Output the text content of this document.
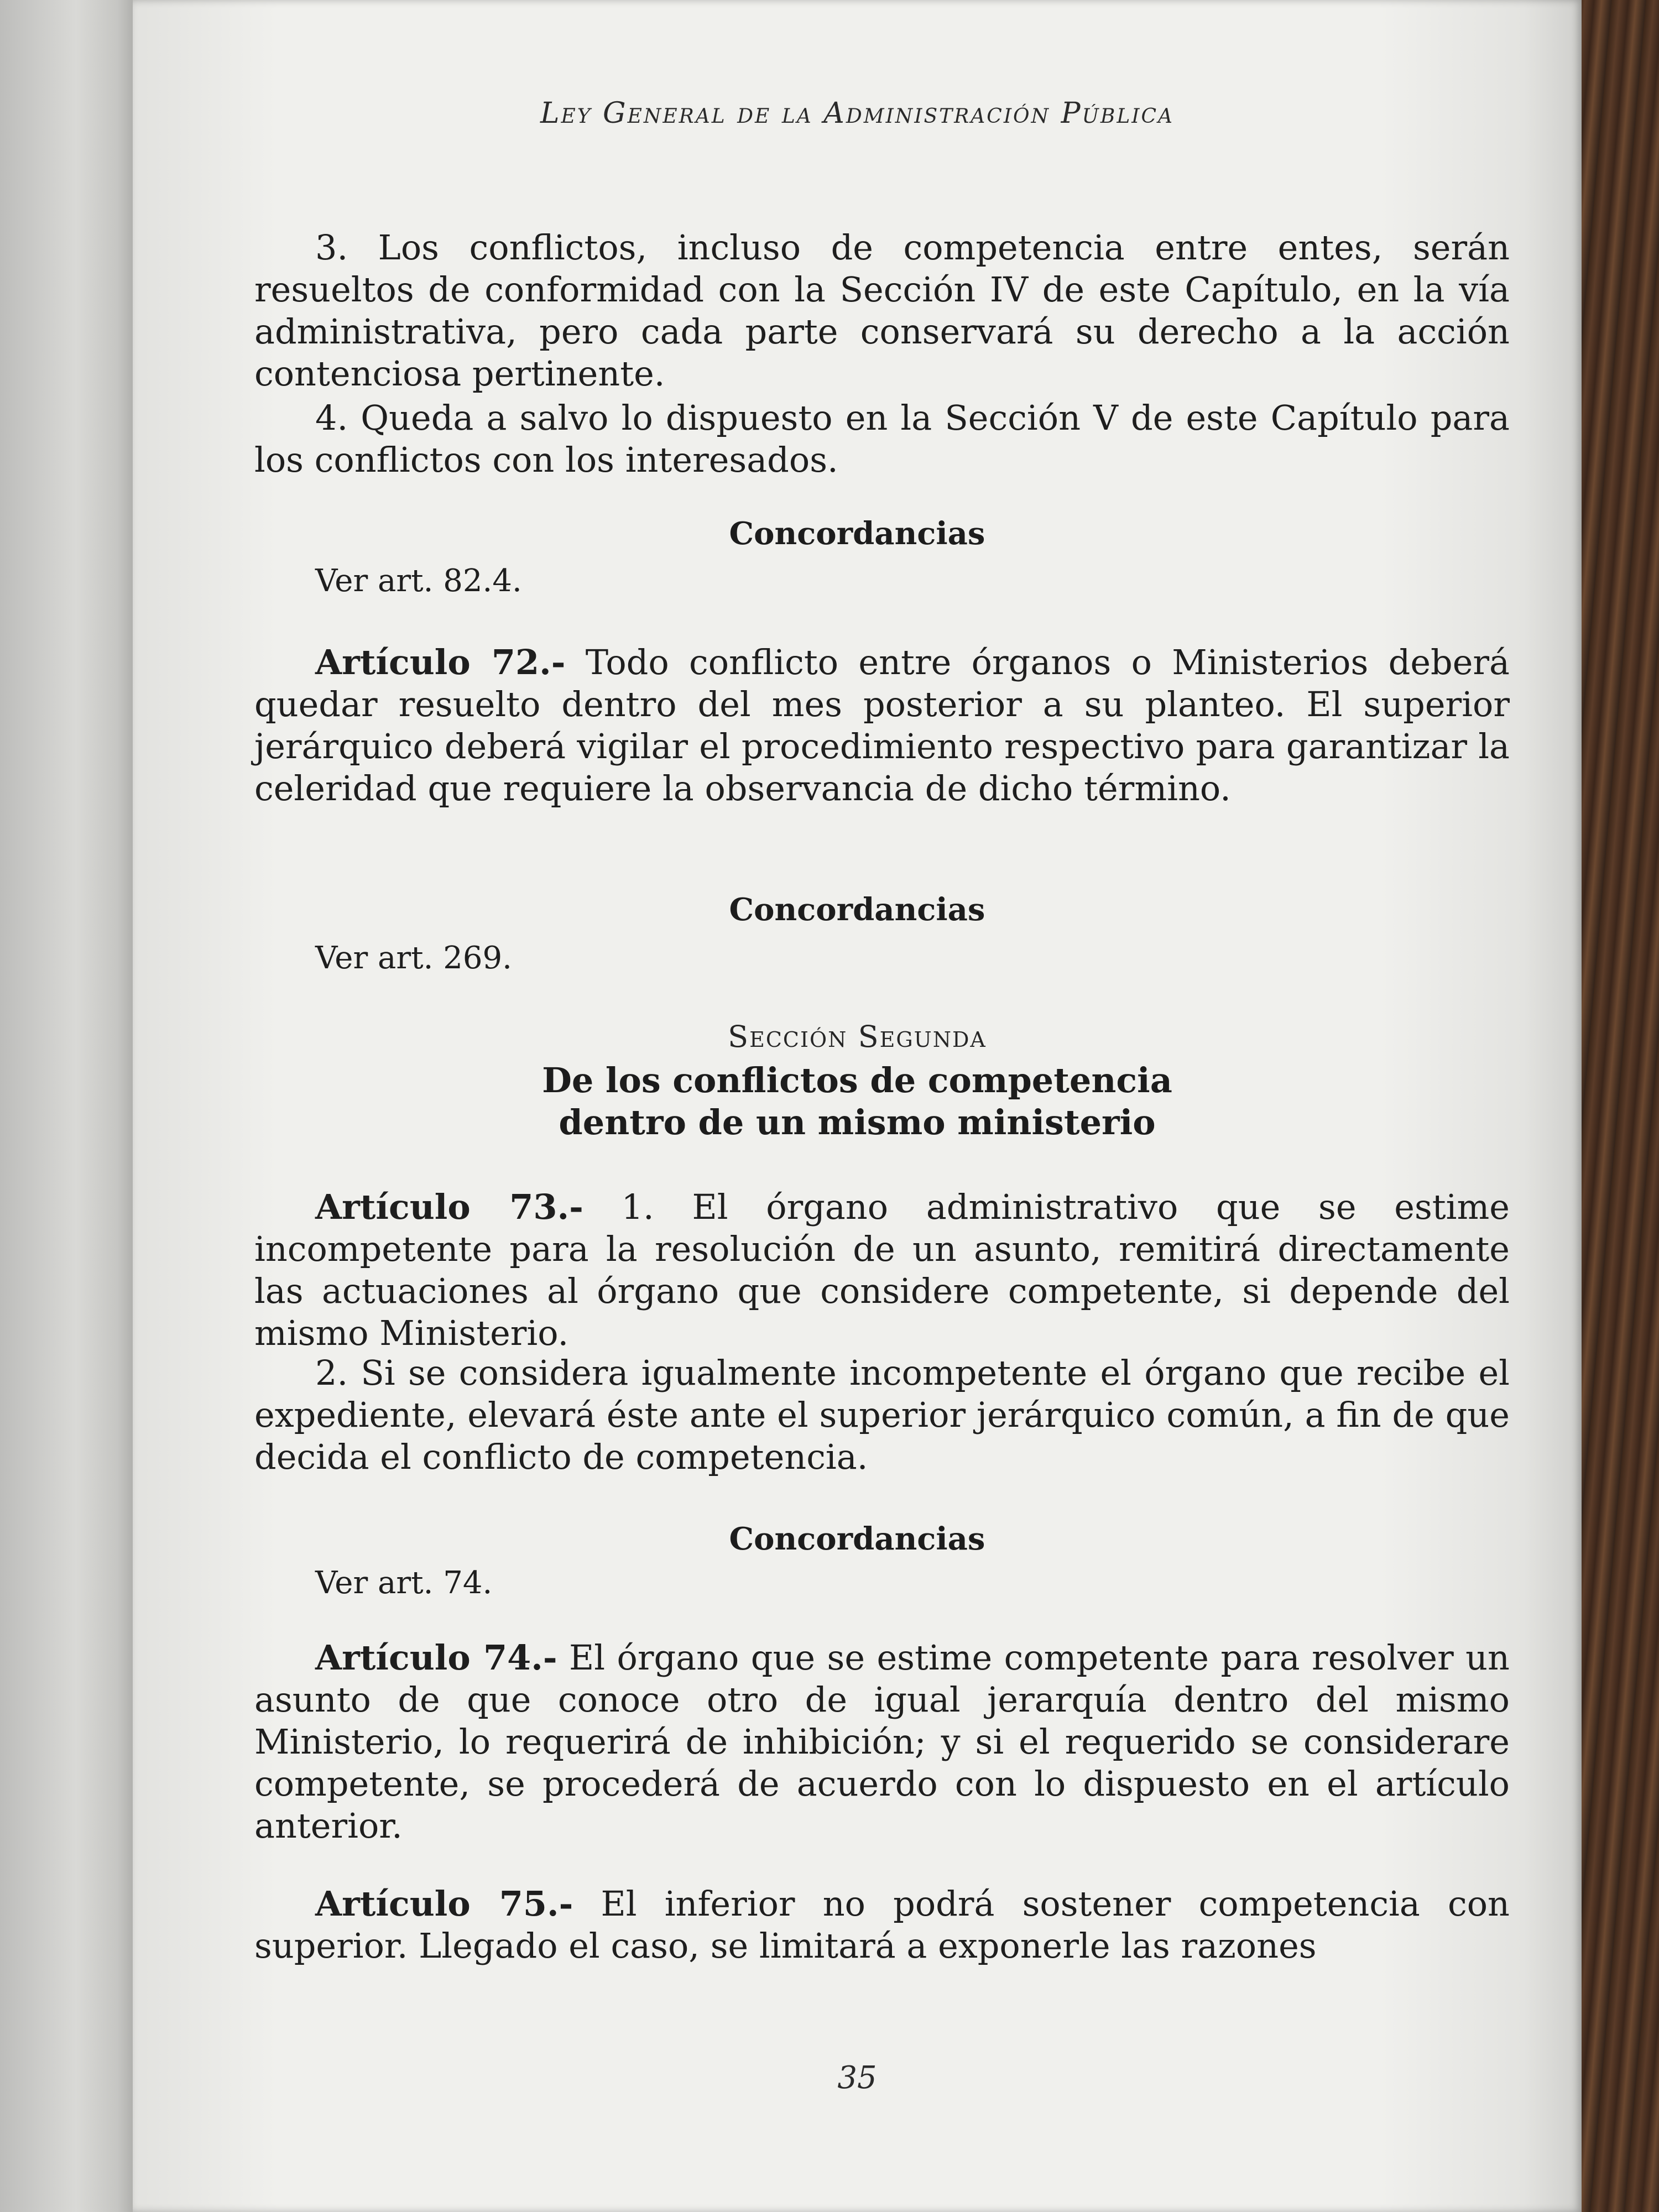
Ley General de la Administración Pública

3. Los conflictos, incluso de competencia entre entes, serán resueltos de conformidad con la Sección IV de este Capítulo, en la vía administrativa, pero cada parte conservará su derecho a la acción contenciosa pertinente.

4. Queda a salvo lo dispuesto en la Sección V de este Capítulo para los conflictos con los interesados.

Concordancias
Ver art. 82.4.

Artículo 72.- Todo conflicto entre órganos o Ministerios deberá quedar resuelto dentro del mes posterior a su planteo. El superior jerárquico deberá vigilar el procedimiento respectivo para garantizar la celeridad que requiere la observancia de dicho término.

Concordancias
Ver art. 269.
Sección Segunda
De los conflictos de competencia
dentro de un mismo ministerio

Artículo 73.- 1. El órgano administrativo que se estime incompetente para la resolución de un asunto, remitirá directamente las actuaciones al órgano que considere competente, si depende del mismo Ministerio.

2. Si se considera igualmente incompetente el órgano que recibe el expediente, elevará éste ante el superior jerárquico común, a fin de que decida el conflicto de competencia.

Concordancias
Ver art. 74.

Artículo 74.- El órgano que se estime competente para resolver un asunto de que conoce otro de igual jerarquía dentro del mismo Ministerio, lo requerirá de inhibición; y si el requerido se considerare competente, se procederá de acuerdo con lo dispuesto en el artículo anterior.

Artículo 75.- El inferior no podrá sostener competencia con superior. Llegado el caso, se limitará a exponerle las razones

35
